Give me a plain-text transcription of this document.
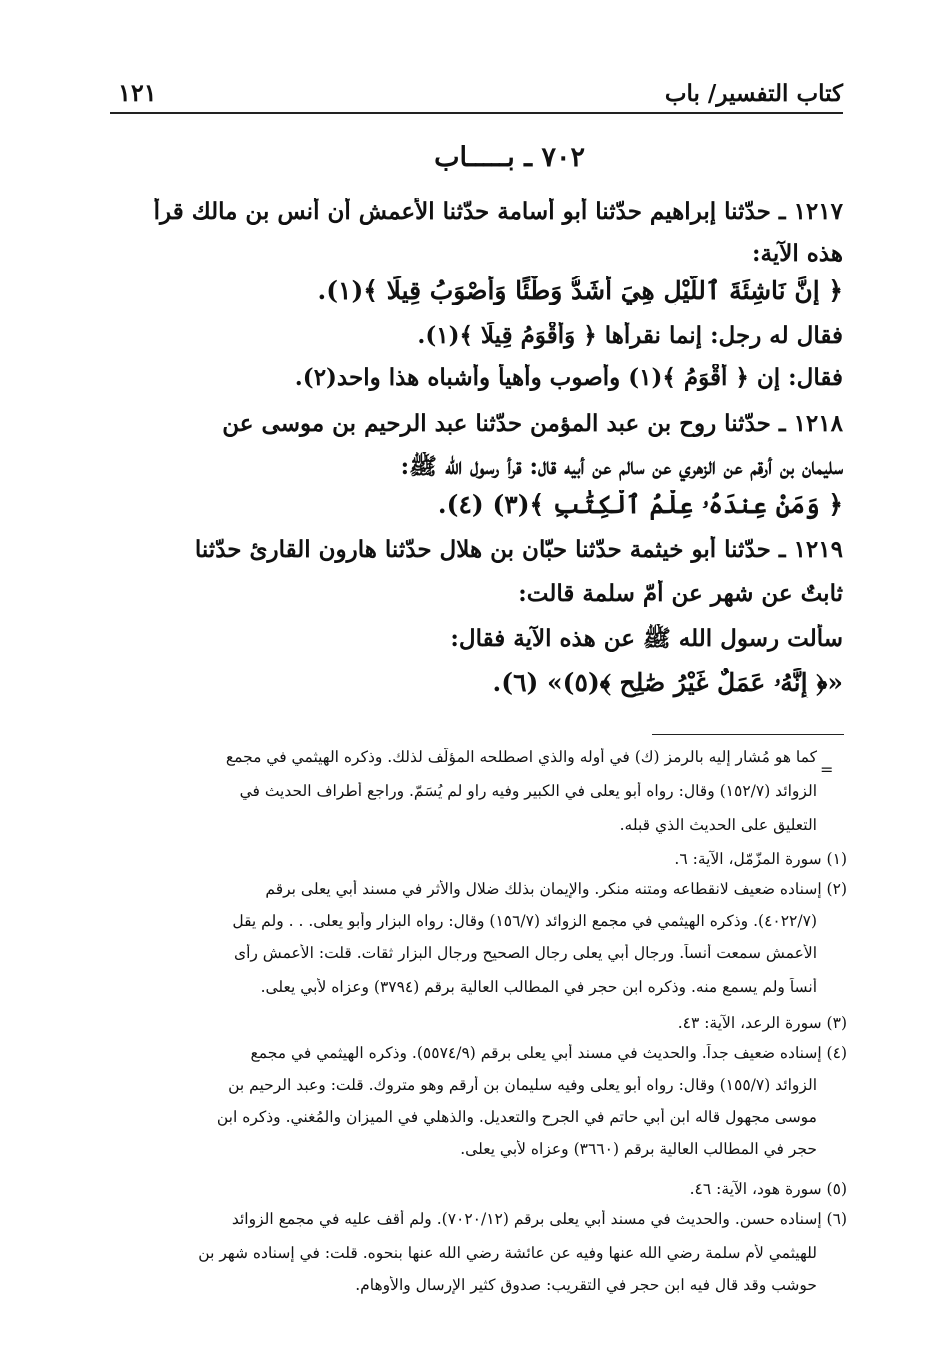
كتاب التفسير/ باب
١٢١
٧٠٢ ـ بـــــاب
١٢١٧ ـ حدّثنا إبراهيم حدّثنا أبو أُسامة حدّثنا الأعمش أن أنس بن مالك قرأ
هذه الآية:
﴿ إِنَّ نَاشِئَةَ ٱللَّيْلِ هِيَ أَشَدُّ وَطْئًا وَأَصْوَبُ قِيلًا ﴾(١).
فقال له رجل: إنما نقرأها ﴿ وَأَقْوَمُ قِيلًا ﴾(١).
فقال: إن ﴿ أَقْوَمُ ﴾(١) وأصوب وأهيأ وأشباه هذا واحد(٢).
١٢١٨ ـ حدّثنا روح بن عبد المؤمن حدّثنا عبد الرحيم بن موسى عن
سليمان بن أرقم عن الزهري عن سالم عن أبيه قال: قرأ رسول الله ﷺ:
﴿ وَمَنْ عِندَهُۥ عِلْمُ ٱلْكِتَٰبِ ﴾(٣) (٤).
١٢١٩ ـ حدّثنا أبو خيثمة حدّثنا حبّان بن هلال حدّثنا هارون القارئ حدّثنا
ثابتٌ عن شهر عن أُمّ سلمة قالت:
سألت رسول الله ﷺ عن هذه الآية فقال:
«﴿ إِنَّهُۥ عَمَلٌ غَيْرُ صَٰلِحٍ ﴾(٥)» (٦).
=
كما هو مُشار إليه بالرمز (ك) في أوله والذي اصطلحه المؤلّف لذلك. وذكره الهيثمي في مجمع
الزوائد (١٥٢/٧) وقال: رواه أبو يعلى في الكبير وفيه راوٍ لم يُسَمّ. وراجع أطراف الحديث في
التعليق على الحديث الذي قبله.
(١) سورة المزّمّل، الآية: ٦.
(٢) إسناده ضعيف لانقطاعه ومتنه منكر. والإيمان بذلك ضلال والأثر في مسند أبي يعلى برقم
(٤٠٢٢/٧). وذكره الهيثمي في مجمع الزوائد (١٥٦/٧) وقال: رواه البزار وأبو يعلى. . . ولم يقل
الأعمش سمعت أنساً. ورجال أبي يعلى رجال الصحيح ورجال البزار ثقات. قلت: الأعمش رأى
أنساً ولم يسمع منه. وذكره ابن حجر في المطالب العالية برقم (٣٧٩٤) وعزاه لأبي يعلى.
(٣) سورة الرعد، الآية: ٤٣.
(٤) إسناده ضعيف جداً. والحديث في مسند أبي يعلى برقم (٥٥٧٤/٩). وذكره الهيثمي في مجمع
الزوائد (١٥٥/٧) وقال: رواه أبو يعلى وفيه سليمان بن أرقم وهو متروك. قلت: وعبد الرحيم بن
موسى مجهول قاله ابن أبي حاتم في الجرح والتعديل. والذهلي في الميزان والمُغني. وذكره ابن
حجر في المطالب العالية برقم (٣٦٦٠) وعزاه لأبي يعلى.
(٥) سورة هود، الآية: ٤٦.
(٦) إسناده حسن. والحديث في مسند أبي يعلى برقم (٧٠٢٠/١٢). ولم أقف عليه في مجمع الزوائد
للهيثمي لأم سلمة رضي الله عنها وفيه عن عائشة رضي الله عنها بنحوه. قلت: في إسناده شهر بن
حوشب وقد قال فيه ابن حجر في التقريب: صدوق كثير الإرسال والأوهام.
